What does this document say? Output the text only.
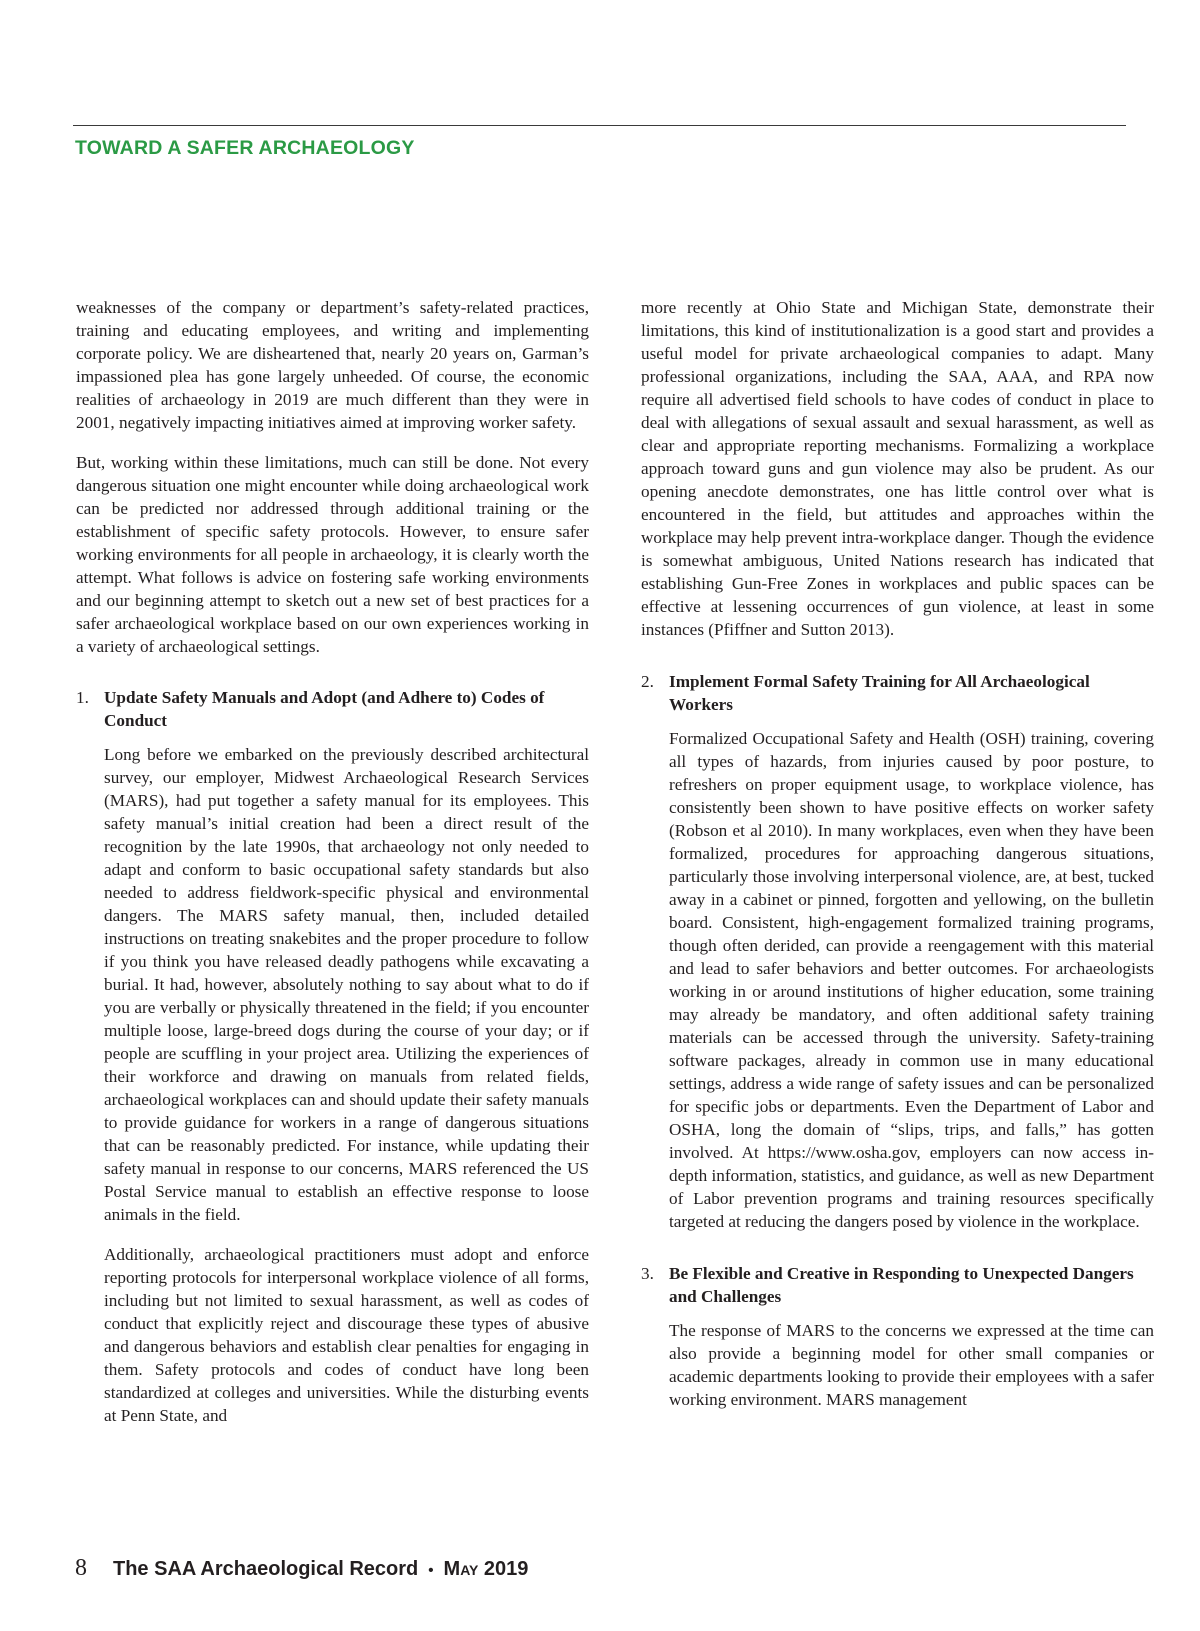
TOWARD A SAFER ARCHAEOLOGY

weaknesses of the company or department’s safety-related practices, training and educating employees, and writing and implementing corporate policy. We are disheartened that, nearly 20 years on, Garman’s impassioned plea has gone largely unheeded. Of course, the economic realities of archaeology in 2019 are much different than they were in 2001, negatively impacting initiatives aimed at improving worker safety.

But, working within these limitations, much can still be done. Not every dangerous situation one might encounter while doing archaeological work can be predicted nor addressed through additional training or the establishment of specific safety protocols. However, to ensure safer working environments for all people in archaeology, it is clearly worth the attempt. What follows is advice on fostering safe working environments and our beginning attempt to sketch out a new set of best practices for a safer archaeological workplace based on our own experiences working in a variety of archaeological settings.

1. Update Safety Manuals and Adopt (and Adhere to) Codes of Conduct

Long before we embarked on the previously described architectural survey, our employer, Midwest Archaeological Research Services (MARS), had put together a safety manual for its employees. This safety manual’s initial creation had been a direct result of the recognition by the late 1990s, that archaeology not only needed to adapt and conform to basic occupational safety standards but also needed to address fieldwork-specific physical and environmental dangers. The MARS safety manual, then, included detailed instructions on treating snakebites and the proper procedure to follow if you think you have released deadly pathogens while excavating a burial. It had, however, absolutely nothing to say about what to do if you are verbally or physically threatened in the field; if you encounter multiple loose, large-breed dogs during the course of your day; or if people are scuffling in your project area. Utilizing the experiences of their workforce and drawing on manuals from related fields, archaeological workplaces can and should update their safety manuals to provide guidance for workers in a range of dangerous situations that can be reasonably predicted. For instance, while updating their safety manual in response to our concerns, MARS referenced the US Postal Service manual to establish an effective response to loose animals in the field.

Additionally, archaeological practitioners must adopt and enforce reporting protocols for interpersonal workplace violence of all forms, including but not limited to sexual harassment, as well as codes of conduct that explicitly reject and discourage these types of abusive and dangerous behaviors and establish clear penalties for engaging in them. Safety protocols and codes of conduct have long been standardized at colleges and universities. While the disturbing events at Penn State, and

more recently at Ohio State and Michigan State, demonstrate their limitations, this kind of institutionalization is a good start and provides a useful model for private archaeological companies to adapt. Many professional organizations, including the SAA, AAA, and RPA now require all advertised field schools to have codes of conduct in place to deal with allegations of sexual assault and sexual harassment, as well as clear and appropriate reporting mechanisms. Formalizing a workplace approach toward guns and gun violence may also be prudent. As our opening anecdote demonstrates, one has little control over what is encountered in the field, but attitudes and approaches within the workplace may help prevent intra-workplace danger. Though the evidence is somewhat ambiguous, United Nations research has indicated that establishing Gun-Free Zones in workplaces and public spaces can be effective at lessening occurrences of gun violence, at least in some instances (Pfiffner and Sutton 2013).

2. Implement Formal Safety Training for All Archaeological Workers

Formalized Occupational Safety and Health (OSH) training, covering all types of hazards, from injuries caused by poor posture, to refreshers on proper equipment usage, to workplace violence, has consistently been shown to have positive effects on worker safety (Robson et al 2010). In many workplaces, even when they have been formalized, procedures for approaching dangerous situations, particularly those involving interpersonal violence, are, at best, tucked away in a cabinet or pinned, forgotten and yellowing, on the bulletin board. Consistent, high-engagement formalized training programs, though often derided, can provide a reengagement with this material and lead to safer behaviors and better outcomes. For archaeologists working in or around institutions of higher education, some training may already be mandatory, and often additional safety training materials can be accessed through the university. Safety-training software packages, already in common use in many educational settings, address a wide range of safety issues and can be personalized for specific jobs or departments. Even the Department of Labor and OSHA, long the domain of “slips, trips, and falls,” has gotten involved. At https://www.osha.gov, employers can now access in-depth information, statistics, and guidance, as well as new Department of Labor prevention programs and training resources specifically targeted at reducing the dangers posed by violence in the workplace.

3. Be Flexible and Creative in Responding to Unexpected Dangers and Challenges

The response of MARS to the concerns we expressed at the time can also provide a beginning model for other small companies or academic departments looking to provide their employees with a safer working environment. MARS management

8 The SAA Archaeological Record • May 2019
